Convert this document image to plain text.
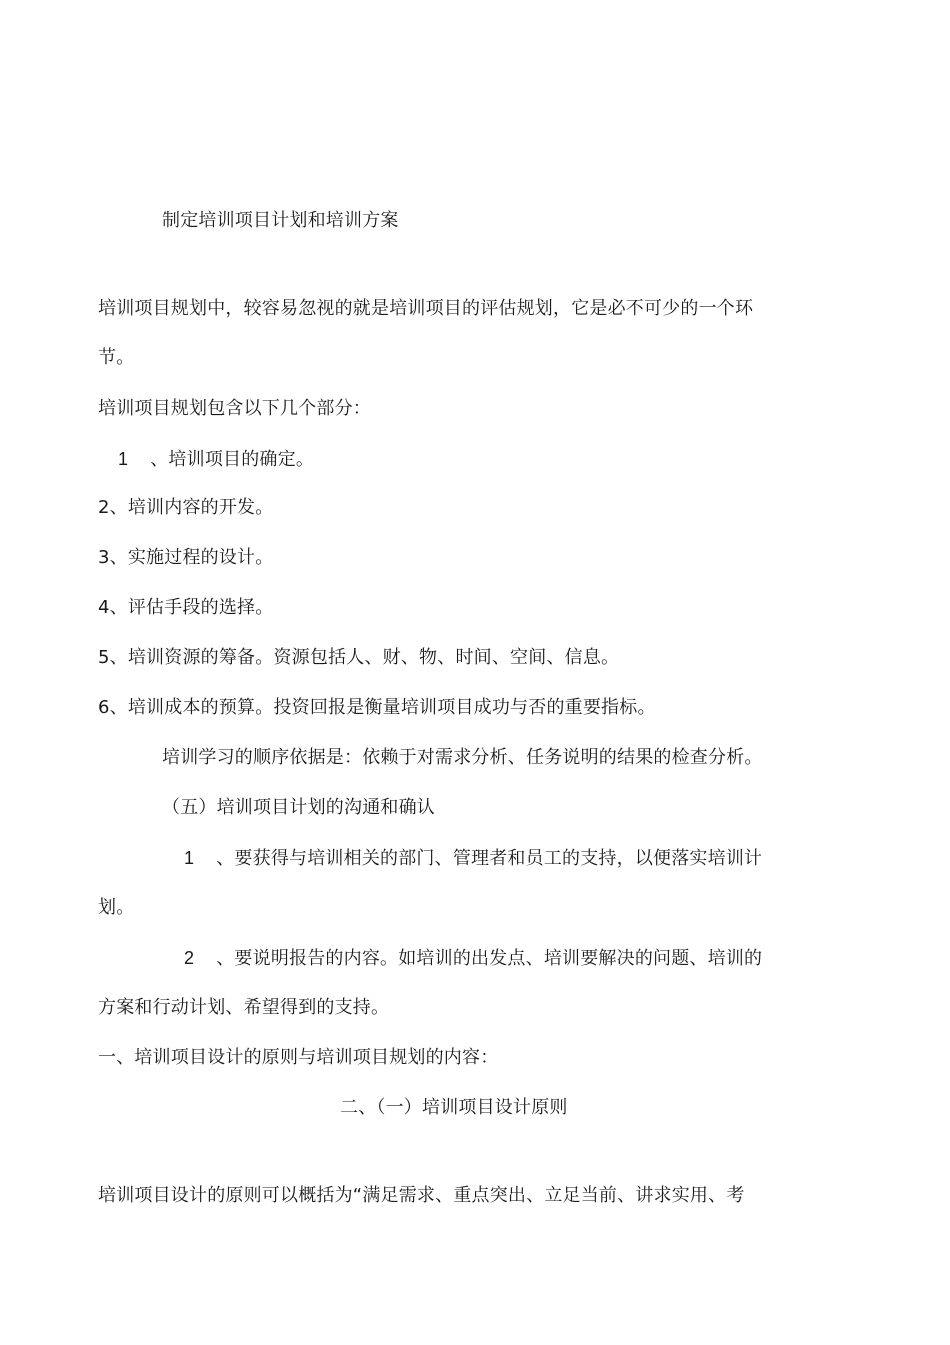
制定培训项目计划和培训方案
培训项目规划中，较容易忽视的就是培训项目的评估规划，它是必不可少的一个环
节。
培训项目规划包含以下几个部分：
1 、培训项目的确定。
2、培训内容的开发。
3、实施过程的设计。
4、评估手段的选择。
5、培训资源的筹备。资源包括人、财、物、时间、空间、信息。
6、培训成本的预算。投资回报是衡量培训项目成功与否的重要指标。
培训学习的顺序依据是：依赖于对需求分析、任务说明的结果的检查分析。
（五）培训项目计划的沟通和确认
1 、要获得与培训相关的部门、管理者和员工的支持，以便落实培训计
划。
2 、要说明报告的内容。如培训的出发点、培训要解决的问题、培训的
方案和行动计划、希望得到的支持。
一、培训项目设计的原则与培训项目规划的内容：
二、（一）培训项目设计原则
培训项目设计的原则可以概括为“满足需求、重点突出、立足当前、讲求实用、考
